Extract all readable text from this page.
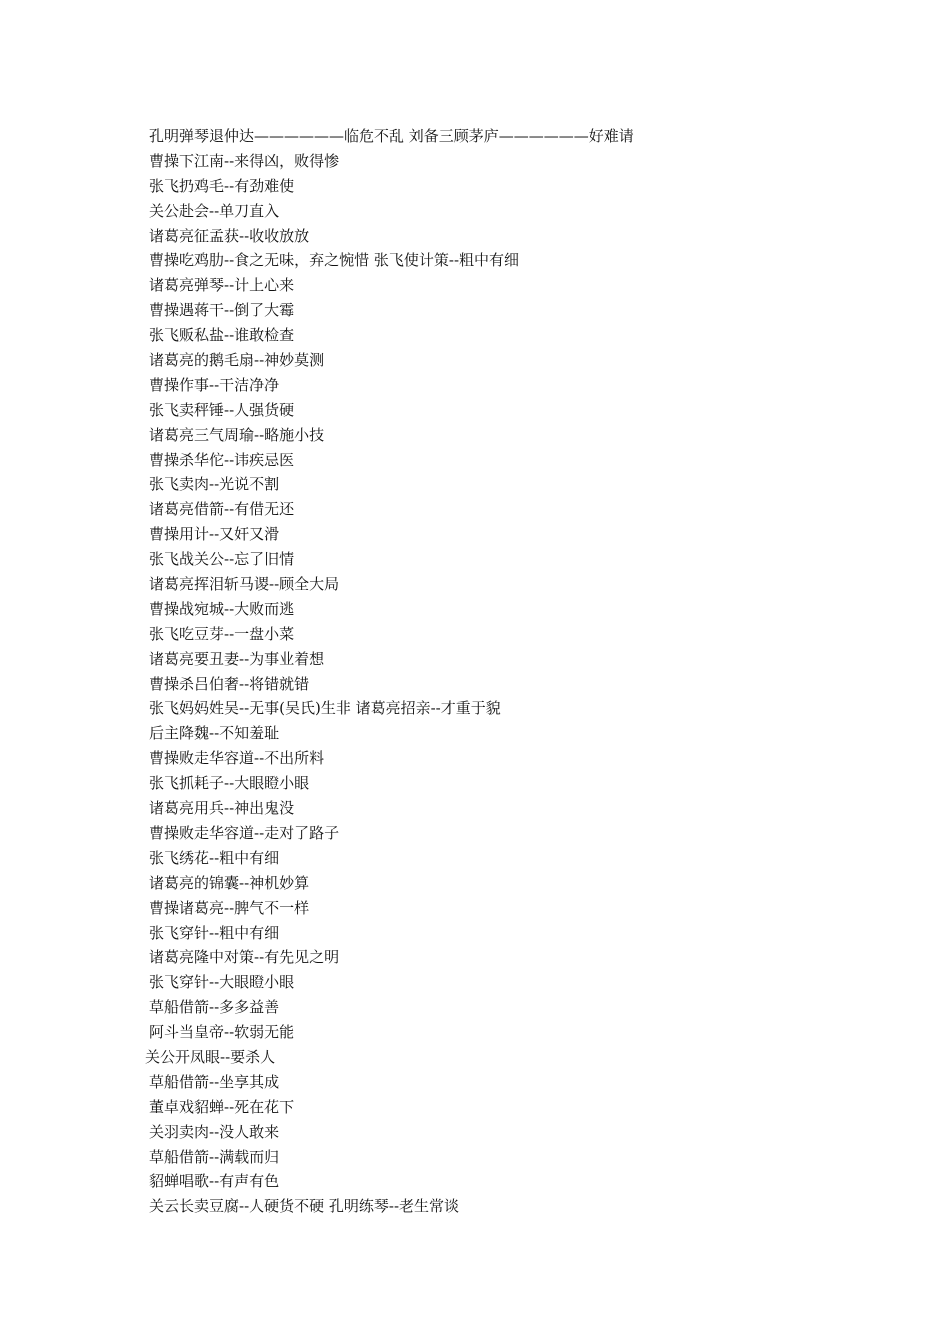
孔明弹琴退仲达——————临危不乱 刘备三顾茅庐——————好难请
曹操下江南--来得凶，败得惨
张飞扔鸡毛--有劲难使
关公赴会--单刀直入
诸葛亮征孟获--收收放放
曹操吃鸡肋--食之无味，弃之惋惜 张飞使计策--粗中有细
诸葛亮弹琴--计上心来
曹操遇蒋干--倒了大霉
张飞贩私盐--谁敢检查
诸葛亮的鹅毛扇--神妙莫测
曹操作事--干洁净净
张飞卖秤锤--人强货硬
诸葛亮三气周瑜--略施小技
曹操杀华佗--讳疾忌医
张飞卖肉--光说不割
诸葛亮借箭--有借无还
曹操用计--又奸又滑
张飞战关公--忘了旧情
诸葛亮挥泪斩马谡--顾全大局
曹操战宛城--大败而逃
张飞吃豆芽--一盘小菜
诸葛亮要丑妻--为事业着想
曹操杀吕伯奢--将错就错
张飞妈妈姓吴--无事(吴氏)生非 诸葛亮招亲--才重于貌
后主降魏--不知羞耻
曹操败走华容道--不出所料
张飞抓耗子--大眼瞪小眼
诸葛亮用兵--神出鬼没
曹操败走华容道--走对了路子
张飞绣花--粗中有细
诸葛亮的锦囊--神机妙算
曹操诸葛亮--脾气不一样
张飞穿针--粗中有细
诸葛亮隆中对策--有先见之明
张飞穿针--大眼瞪小眼
草船借箭--多多益善
阿斗当皇帝--软弱无能
关公开凤眼--要杀人
草船借箭--坐享其成
董卓戏貂蝉--死在花下
关羽卖肉--没人敢来
草船借箭--满载而归
貂蝉唱歌--有声有色
关云长卖豆腐--人硬货不硬 孔明练琴--老生常谈
